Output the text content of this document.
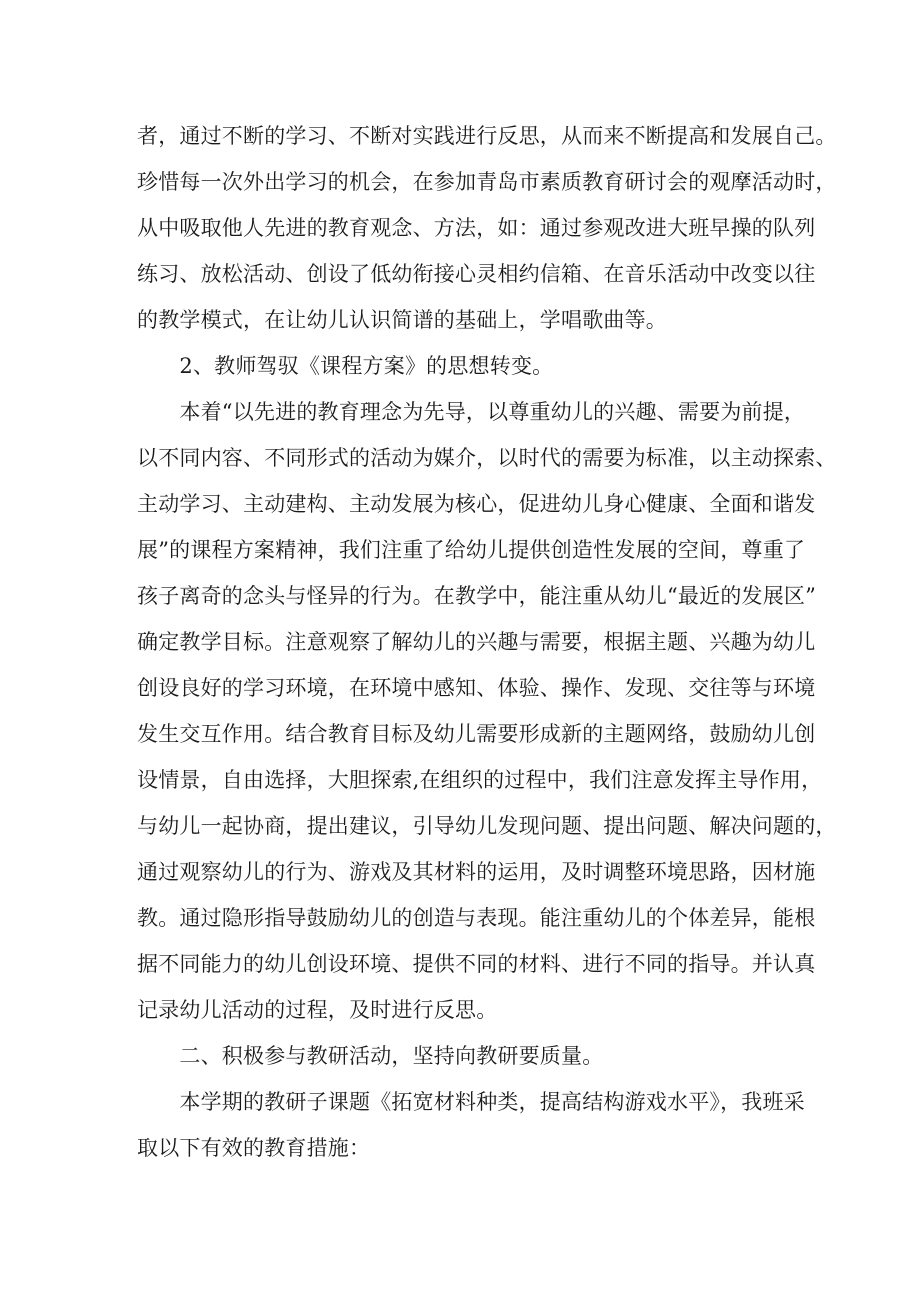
者，通过不断的学习、不断对实践进行反思，从而来不断提高和发展自己。
珍惜每一次外出学习的机会，在参加青岛市素质教育研讨会的观摩活动时，
从中吸取他人先进的教育观念、方法，如：通过参观改进大班早操的队列
练习、放松活动、创设了低幼衔接心灵相约信箱、在音乐活动中改变以往
的教学模式，在让幼儿认识简谱的基础上，学唱歌曲等。
　　2、教师驾驭《课程方案》的思想转变。
　　本着“以先进的教育理念为先导，以尊重幼儿的兴趣、需要为前提，
以不同内容、不同形式的活动为媒介，以时代的需要为标准，以主动探索、
主动学习、主动建构、主动发展为核心，促进幼儿身心健康、全面和谐发
展”的课程方案精神，我们注重了给幼儿提供创造性发展的空间，尊重了
孩子离奇的念头与怪异的行为。在教学中，能注重从幼儿“最近的发展区”
确定教学目标。注意观察了解幼儿的兴趣与需要，根据主题、兴趣为幼儿
创设良好的学习环境，在环境中感知、体验、操作、发现、交往等与环境
发生交互作用。结合教育目标及幼儿需要形成新的主题网络，鼓励幼儿创
设情景，自由选择，大胆探索,在组织的过程中，我们注意发挥主导作用，
与幼儿一起协商，提出建议，引导幼儿发现问题、提出问题、解决问题的，
通过观察幼儿的行为、游戏及其材料的运用，及时调整环境思路，因材施
教。通过隐形指导鼓励幼儿的创造与表现。能注重幼儿的个体差异，能根
据不同能力的幼儿创设环境、提供不同的材料、进行不同的指导。并认真
记录幼儿活动的过程，及时进行反思。
　　二、积极参与教研活动，坚持向教研要质量。
　　本学期的教研子课题《拓宽材料种类，提高结构游戏水平》，我班采
取以下有效的教育措施：
